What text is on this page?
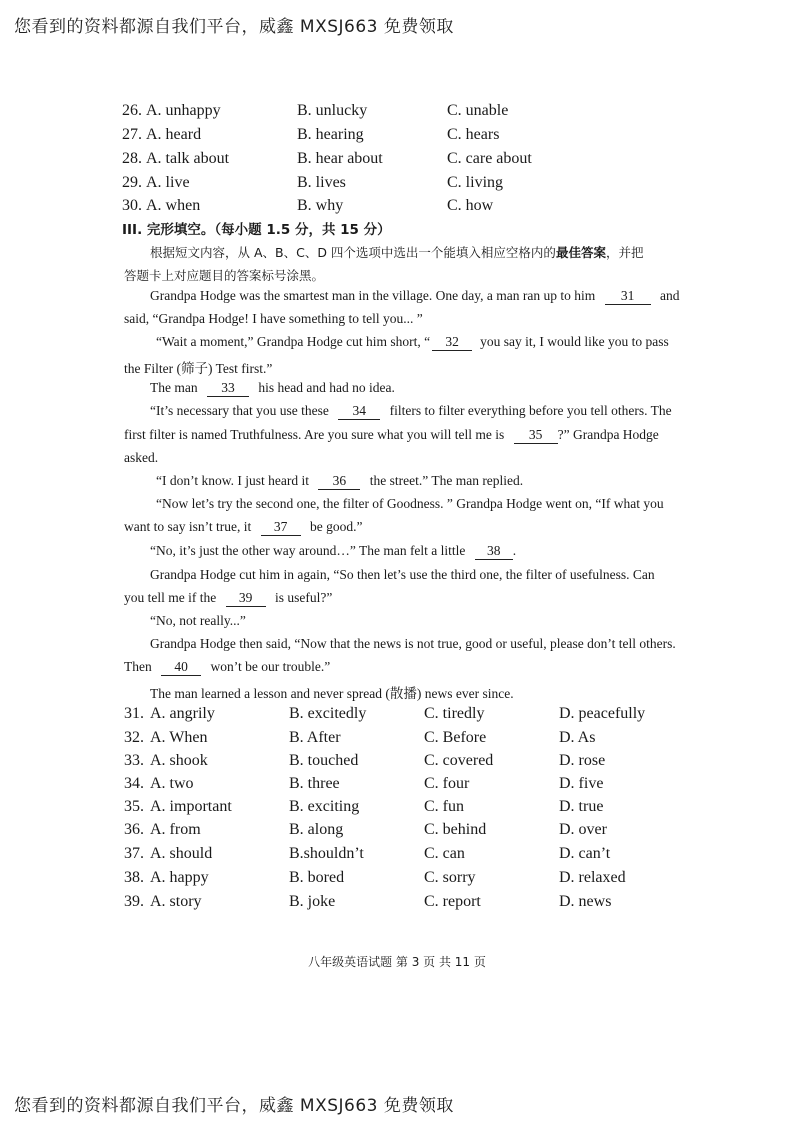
您看到的资料都源自我们平台，威鑫 MXSJ663 免费领取
26. A. unhappy	B. unlucky	C. unable
27. A. heard	B. hearing	C. hears
28. A. talk about	B. hear about	C. care about
29. A. live	B. lives	C. living
30. A. when	B. why	C. how
III. 完形填空。（每小题 1.5 分，共 15 分）
根据短文内容，从 A、B、C、D 四个选项中选出一个能填入相应空格内的最佳答案，并把
答题卡上对应题目的答案标号涂黑。
Grandpa Hodge was the smartest man in the village. One day, a man ran up to him 31 and
said, “Grandpa Hodge! I have something to tell you... ”
“Wait a moment,” Grandpa Hodge cut him short, “ 32 you say it, I would like you to pass
the Filter (筛子) Test first.”
The man 33 his head and had no idea.
“It’s necessary that you use these 34 filters to filter everything before you tell others. The
first filter is named Truthfulness. Are you sure what you will tell me is 35 ?” Grandpa Hodge
asked.
“I don’t know. I just heard it 36 the street.” The man replied.
“Now let’s try the second one, the filter of Goodness. ” Grandpa Hodge went on, “If what you
want to say isn’t true, it 37 be good.”
“No, it’s just the other way around…” The man felt a little 38 .
Grandpa Hodge cut him in again, “So then let’s use the third one, the filter of usefulness. Can
you tell me if the 39 is useful?”
“No, not really...”
Grandpa Hodge then said, “Now that the news is not true, good or useful, please don’t tell others.
Then 40 won’t be our trouble.”
The man learned a lesson and never spread (散播) news ever since.
31. A. angrily	B. excitedly	C. tiredly	D. peacefully
32. A. When	B. After	C. Before	D. As
33. A. shook	B. touched	C. covered	D. rose
34. A. two	B. three	C. four	D. five
35. A. important	B. exciting	C. fun	D. true
36. A. from	B. along	C. behind	D. over
37. A. should	B.shouldn’t	C. can	D. can’t
38. A. happy	B. bored	C. sorry	D. relaxed
39. A. story	B. joke	C. report	D. news
八年级英语试题 第 3 页 共 11 页
您看到的资料都源自我们平台，威鑫 MXSJ663 免费领取
